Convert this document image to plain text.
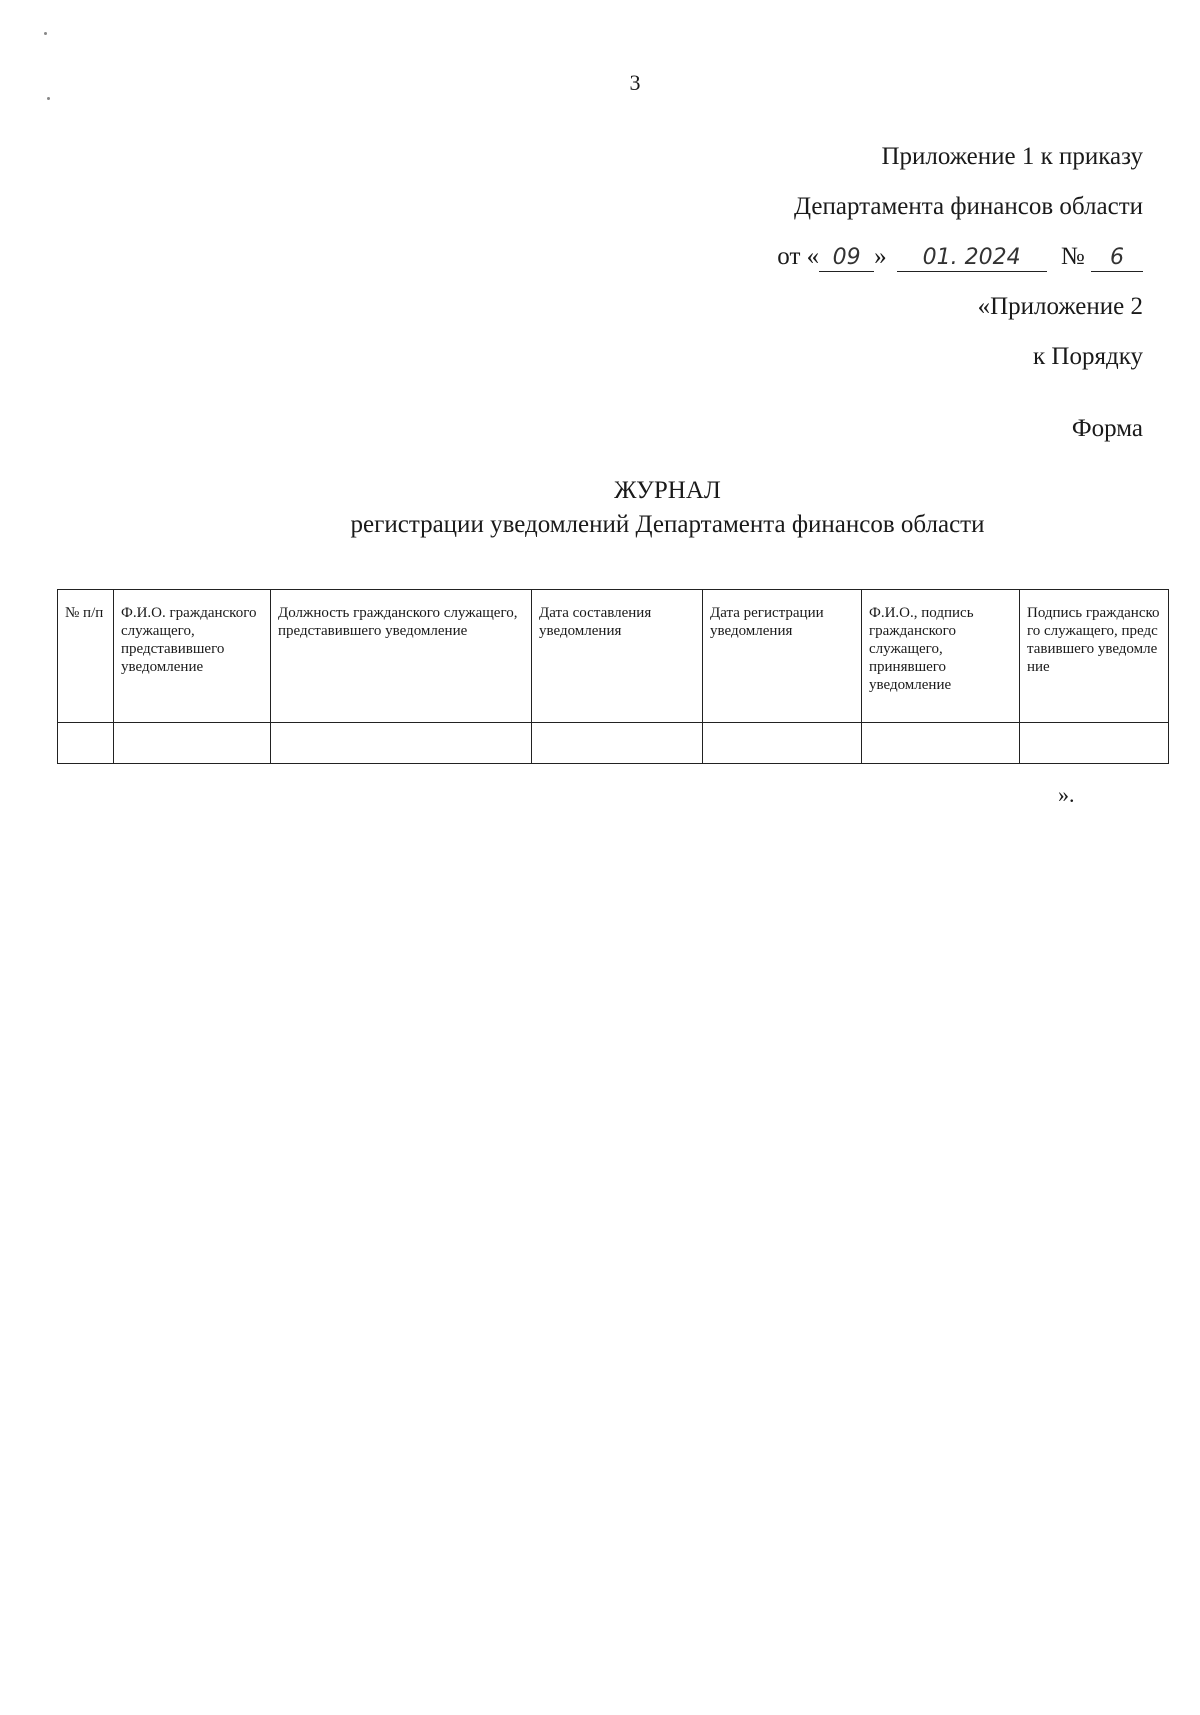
3
Приложение 1 к приказу
Департамента финансов области
от « 09 » 01. 2024 № 6
«Приложение 2
к Порядку
Форма
ЖУРНАЛ
регистрации уведомлений Департамента финансов области
№ п/п	Ф.И.О. гражданского служащего, представившего уведомление	Должность гражданского служащего, представившего уведомление	Дата составления уведомления	Дата регистрации уведомления	Ф.И.О., подпись гражданского служащего, принявшего уведомление	Подпись гражданского служащего, представившего уведомление

».
